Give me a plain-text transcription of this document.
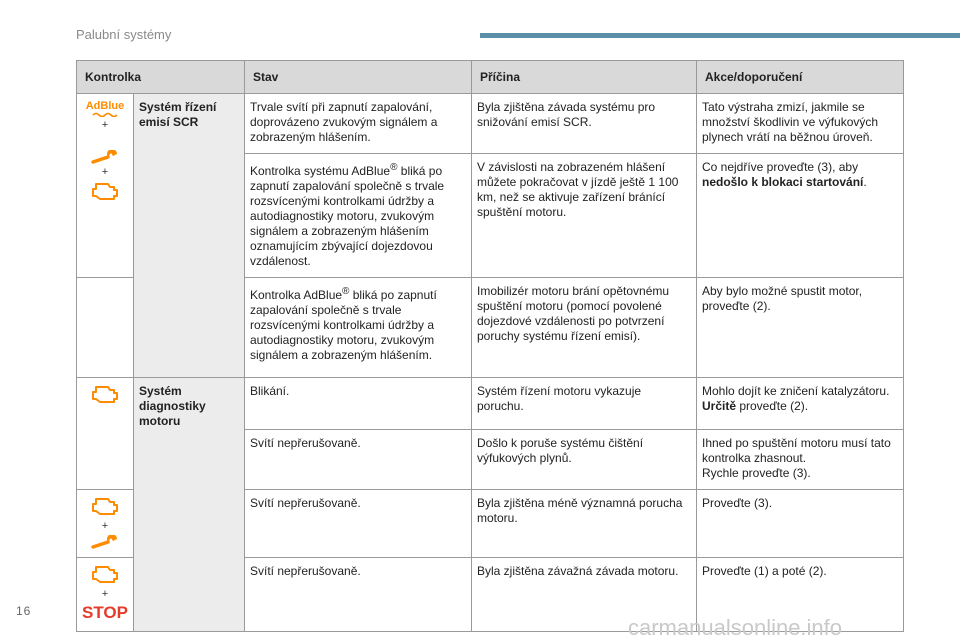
Palubní systémy
Kontrolka		Stav	Příčina	Akce/doporučení

AdBlue
+
+	Systém řízení emisí SCR	Trvale svítí při zapnutí zapalování, doprovázeno zvukovým signálem a zobrazeným hlášením.	Byla zjištěna závada systému pro snižování emisí SCR.	Tato výstraha zmizí, jakmile se množství škodlivin ve výfukových plynech vrátí na běžnou úroveň.
		Kontrolka systému AdBlue® bliká po zapnutí zapalování společně s trvale rozsvícenými kontrolkami údržby a autodiagnostiky motoru, zvukovým signálem a zobrazeným hlášením oznamujícím zbývající dojezdovou vzdálenost.	V závislosti na zobrazeném hlášení můžete pokračovat v jízdě ještě 1 100 km, než se aktivuje zařízení bránící spuštění motoru.	Co nejdříve proveďte (3), aby nedošlo k blokaci startování.
		Kontrolka AdBlue® bliká po zapnutí zapalování společně s trvale rozsvícenými kontrolkami údržby a autodiagnostiky motoru, zvukovým signálem a zobrazeným hlášením.	Imobilizér motoru brání opětovnému spuštění motoru (pomocí povolené dojezdové vzdálenosti po potvrzení poruchy systému řízení emisí).	Aby bylo možné spustit motor, proveďte (2).

	Systém diagnostiky motoru	Blikání.	Systém řízení motoru vykazuje poruchu.	Mohlo dojít ke zničení katalyzátoru.
Určitě proveďte (2).
		Svítí nepřerušovaně.	Došlo k poruše systému čištění výfukových plynů.	Ihned po spuštění motoru musí tato kontrolka zhasnout.
Rychle proveďte (3).

+		Svítí nepřerušovaně.	Byla zjištěna méně významná porucha motoru.	Proveďte (3).

+
STOP		Svítí nepřerušovaně.	Byla zjištěna závažná závada motoru.	Proveďte (1) a poté (2).
16
carmanualsonline.info
